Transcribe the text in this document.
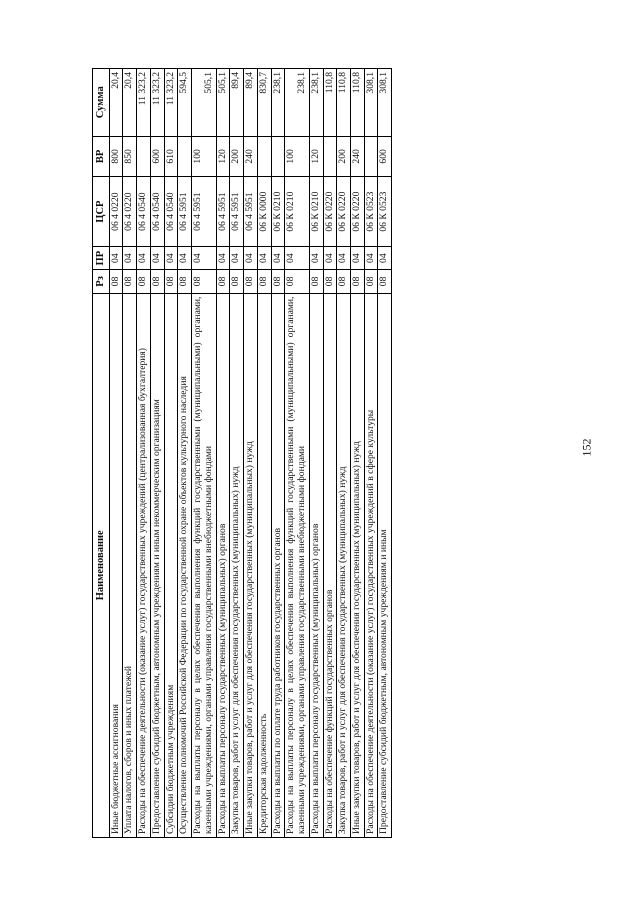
152
Наименование	Рз	ПР	ЦСР	ВР	Сумма
Иные бюджетные ассигнования	08	04	06 4 0220	800	20,4
Уплата налогов, сборов и иных платежей	08	04	06 4 0220	850	20,4
Расходы на обеспечение деятельности (оказание услуг) государственных учреждений (централизованная бухгалтерия)	08	04	06 4 0540		11 323,2
Предоставление субсидий бюджетным, автономным учреждениям и иным некоммерческим организациям	08	04	06 4 0540	600	11 323,2
Субсидии бюджетным учреждениям	08	04	06 4 0540	610	11 323,2
Осуществление полномочий Российской Федерации по государственной охране объектов культурного наследия	08	04	06 4 5951		594,5
Расходы на выплаты персоналу в целях обеспечения выполнения функций государственными (муниципальными) органами, казенными учреждениями, органами управления государственными внебюджетными фондами	08	04	06 4 5951	100	505,1
Расходы на выплаты персоналу государственных (муниципальных) органов	08	04	06 4 5951	120	505,1
Закупка товаров, работ и услуг для обеспечения государственных (муниципальных) нужд	08	04	06 4 5951	200	89,4
Иные закупки товаров, работ и услуг для обеспечения государственных (муниципальных) нужд	08	04	06 4 5951	240	89,4
Кредиторская задолженность	08	04	06 К 0000		830,7
Расходы на выплаты по оплате труда работников государственных органов	08	04	06 К 0210		238,1
Расходы на выплаты персоналу в целях обеспечения выполнения функций государственными (муниципальными) органами, казенными учреждениями, органами управления государственными внебюджетными фондами	08	04	06 К 0210	100	238,1
Расходы на выплаты персоналу государственных (муниципальных) органов	08	04	06 К 0210	120	238,1
Расходы на обеспечение функций государственных органов	08	04	06 К 0220		110,8
Закупка товаров, работ и услуг для обеспечения государственных (муниципальных) нужд	08	04	06 К 0220	200	110,8
Иные закупки товаров, работ и услуг для обеспечения государственных (муниципальных) нужд	08	04	06 К 0220	240	110,8
Расходы на обеспечение деятельности (оказание услуг) государственных учреждений в сфере культуры	08	04	06 К 0523		308,1
Предоставление субсидий бюджетным, автономным учреждениям и иным	08	04	06 К 0523	600	308,1
